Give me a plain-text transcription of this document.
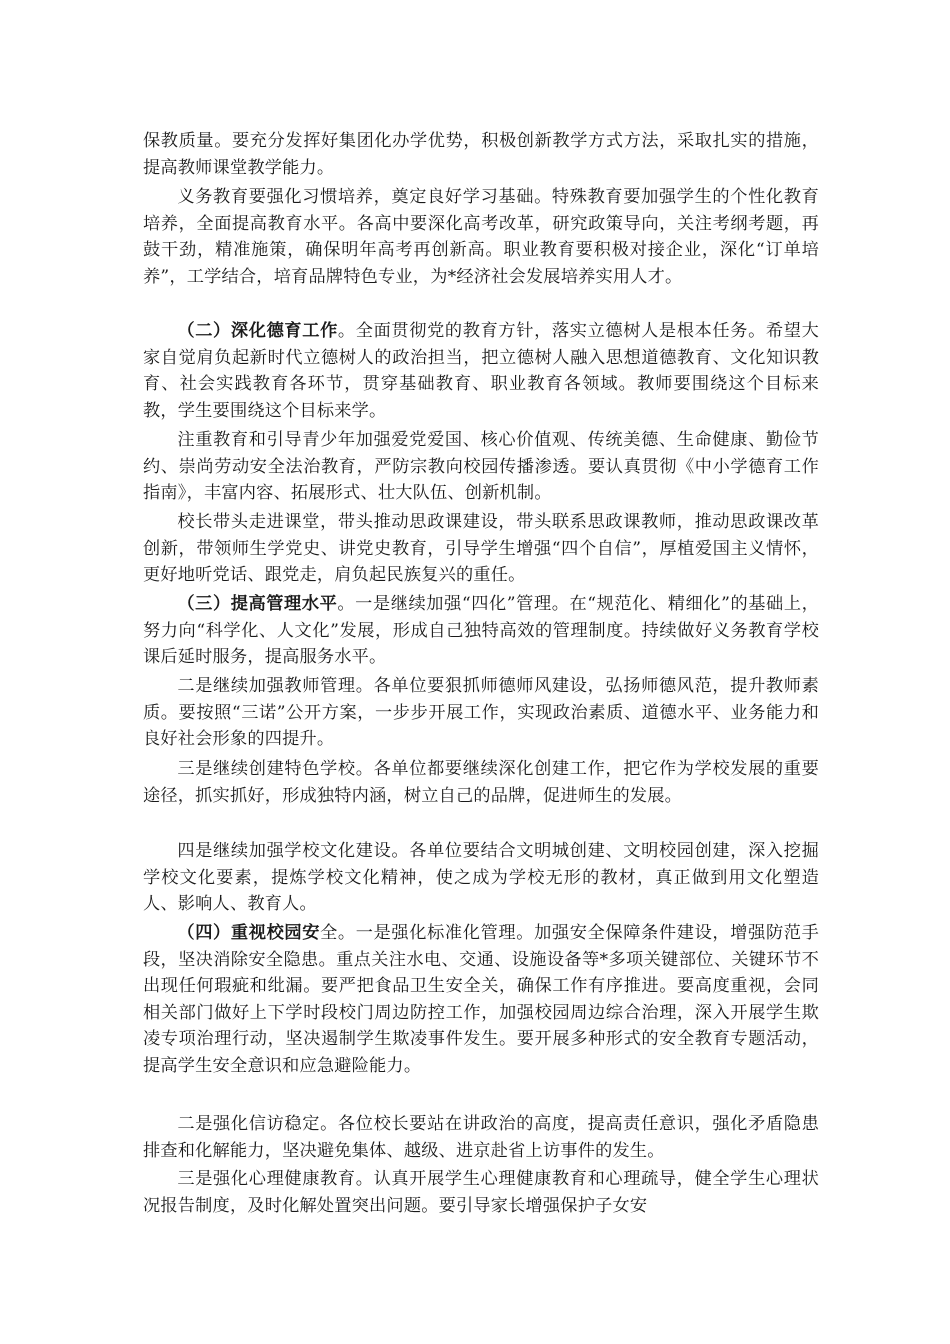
保教质量。要充分发挥好集团化办学优势，积极创新教学方式方法，采取扎实的措施，提高教师课堂教学能力。
义务教育要强化习惯培养，奠定良好学习基础。特殊教育要加强学生的个性化教育培养，全面提高教育水平。各高中要深化高考改革，研究政策导向，关注考纲考题，再鼓干劲，精准施策，确保明年高考再创新高。职业教育要积极对接企业，深化“订单培养”，工学结合，培育品牌特色专业，为*经济社会发展培养实用人才。
（二）深化德育工作。全面贯彻党的教育方针，落实立德树人是根本任务。希望大家自觉肩负起新时代立德树人的政治担当，把立德树人融入思想道德教育、文化知识教育、社会实践教育各环节，贯穿基础教育、职业教育各领域。教师要围绕这个目标来教，学生要围绕这个目标来学。
注重教育和引导青少年加强爱党爱国、核心价值观、传统美德、生命健康、勤俭节约、崇尚劳动安全法治教育，严防宗教向校园传播渗透。要认真贯彻《中小学德育工作指南》，丰富内容、拓展形式、壮大队伍、创新机制。
校长带头走进课堂，带头推动思政课建设，带头联系思政课教师，推动思政课改革创新，带领师生学党史、讲党史教育，引导学生增强“四个自信”，厚植爱国主义情怀，更好地听党话、跟党走，肩负起民族复兴的重任。
（三）提高管理水平。一是继续加强“四化”管理。在“规范化、精细化”的基础上，努力向“科学化、人文化”发展，形成自己独特高效的管理制度。持续做好义务教育学校课后延时服务，提高服务水平。
二是继续加强教师管理。各单位要狠抓师德师风建设，弘扬师德风范，提升教师素质。要按照“三诺”公开方案，一步步开展工作，实现政治素质、道德水平、业务能力和良好社会形象的四提升。
三是继续创建特色学校。各单位都要继续深化创建工作，把它作为学校发展的重要途径，抓实抓好，形成独特内涵，树立自己的品牌，促进师生的发展。
四是继续加强学校文化建设。各单位要结合文明城创建、文明校园创建，深入挖掘学校文化要素，提炼学校文化精神，使之成为学校无形的教材，真正做到用文化塑造人、影响人、教育人。
（四）重视校园安全。一是强化标准化管理。加强安全保障条件建设，增强防范手段，坚决消除安全隐患。重点关注水电、交通、设施设备等*多项关键部位、关键环节不出现任何瑕疵和纰漏。要严把食品卫生安全关，确保工作有序推进。要高度重视，会同相关部门做好上下学时段校门周边防控工作，加强校园周边综合治理，深入开展学生欺凌专项治理行动，坚决遏制学生欺凌事件发生。要开展多种形式的安全教育专题活动，提高学生安全意识和应急避险能力。
二是强化信访稳定。各位校长要站在讲政治的高度，提高责任意识，强化矛盾隐患排查和化解能力，坚决避免集体、越级、进京赴省上访事件的发生。
三是强化心理健康教育。认真开展学生心理健康教育和心理疏导，健全学生心理状况报告制度，及时化解处置突出问题。要引导家长增强保护子女安
